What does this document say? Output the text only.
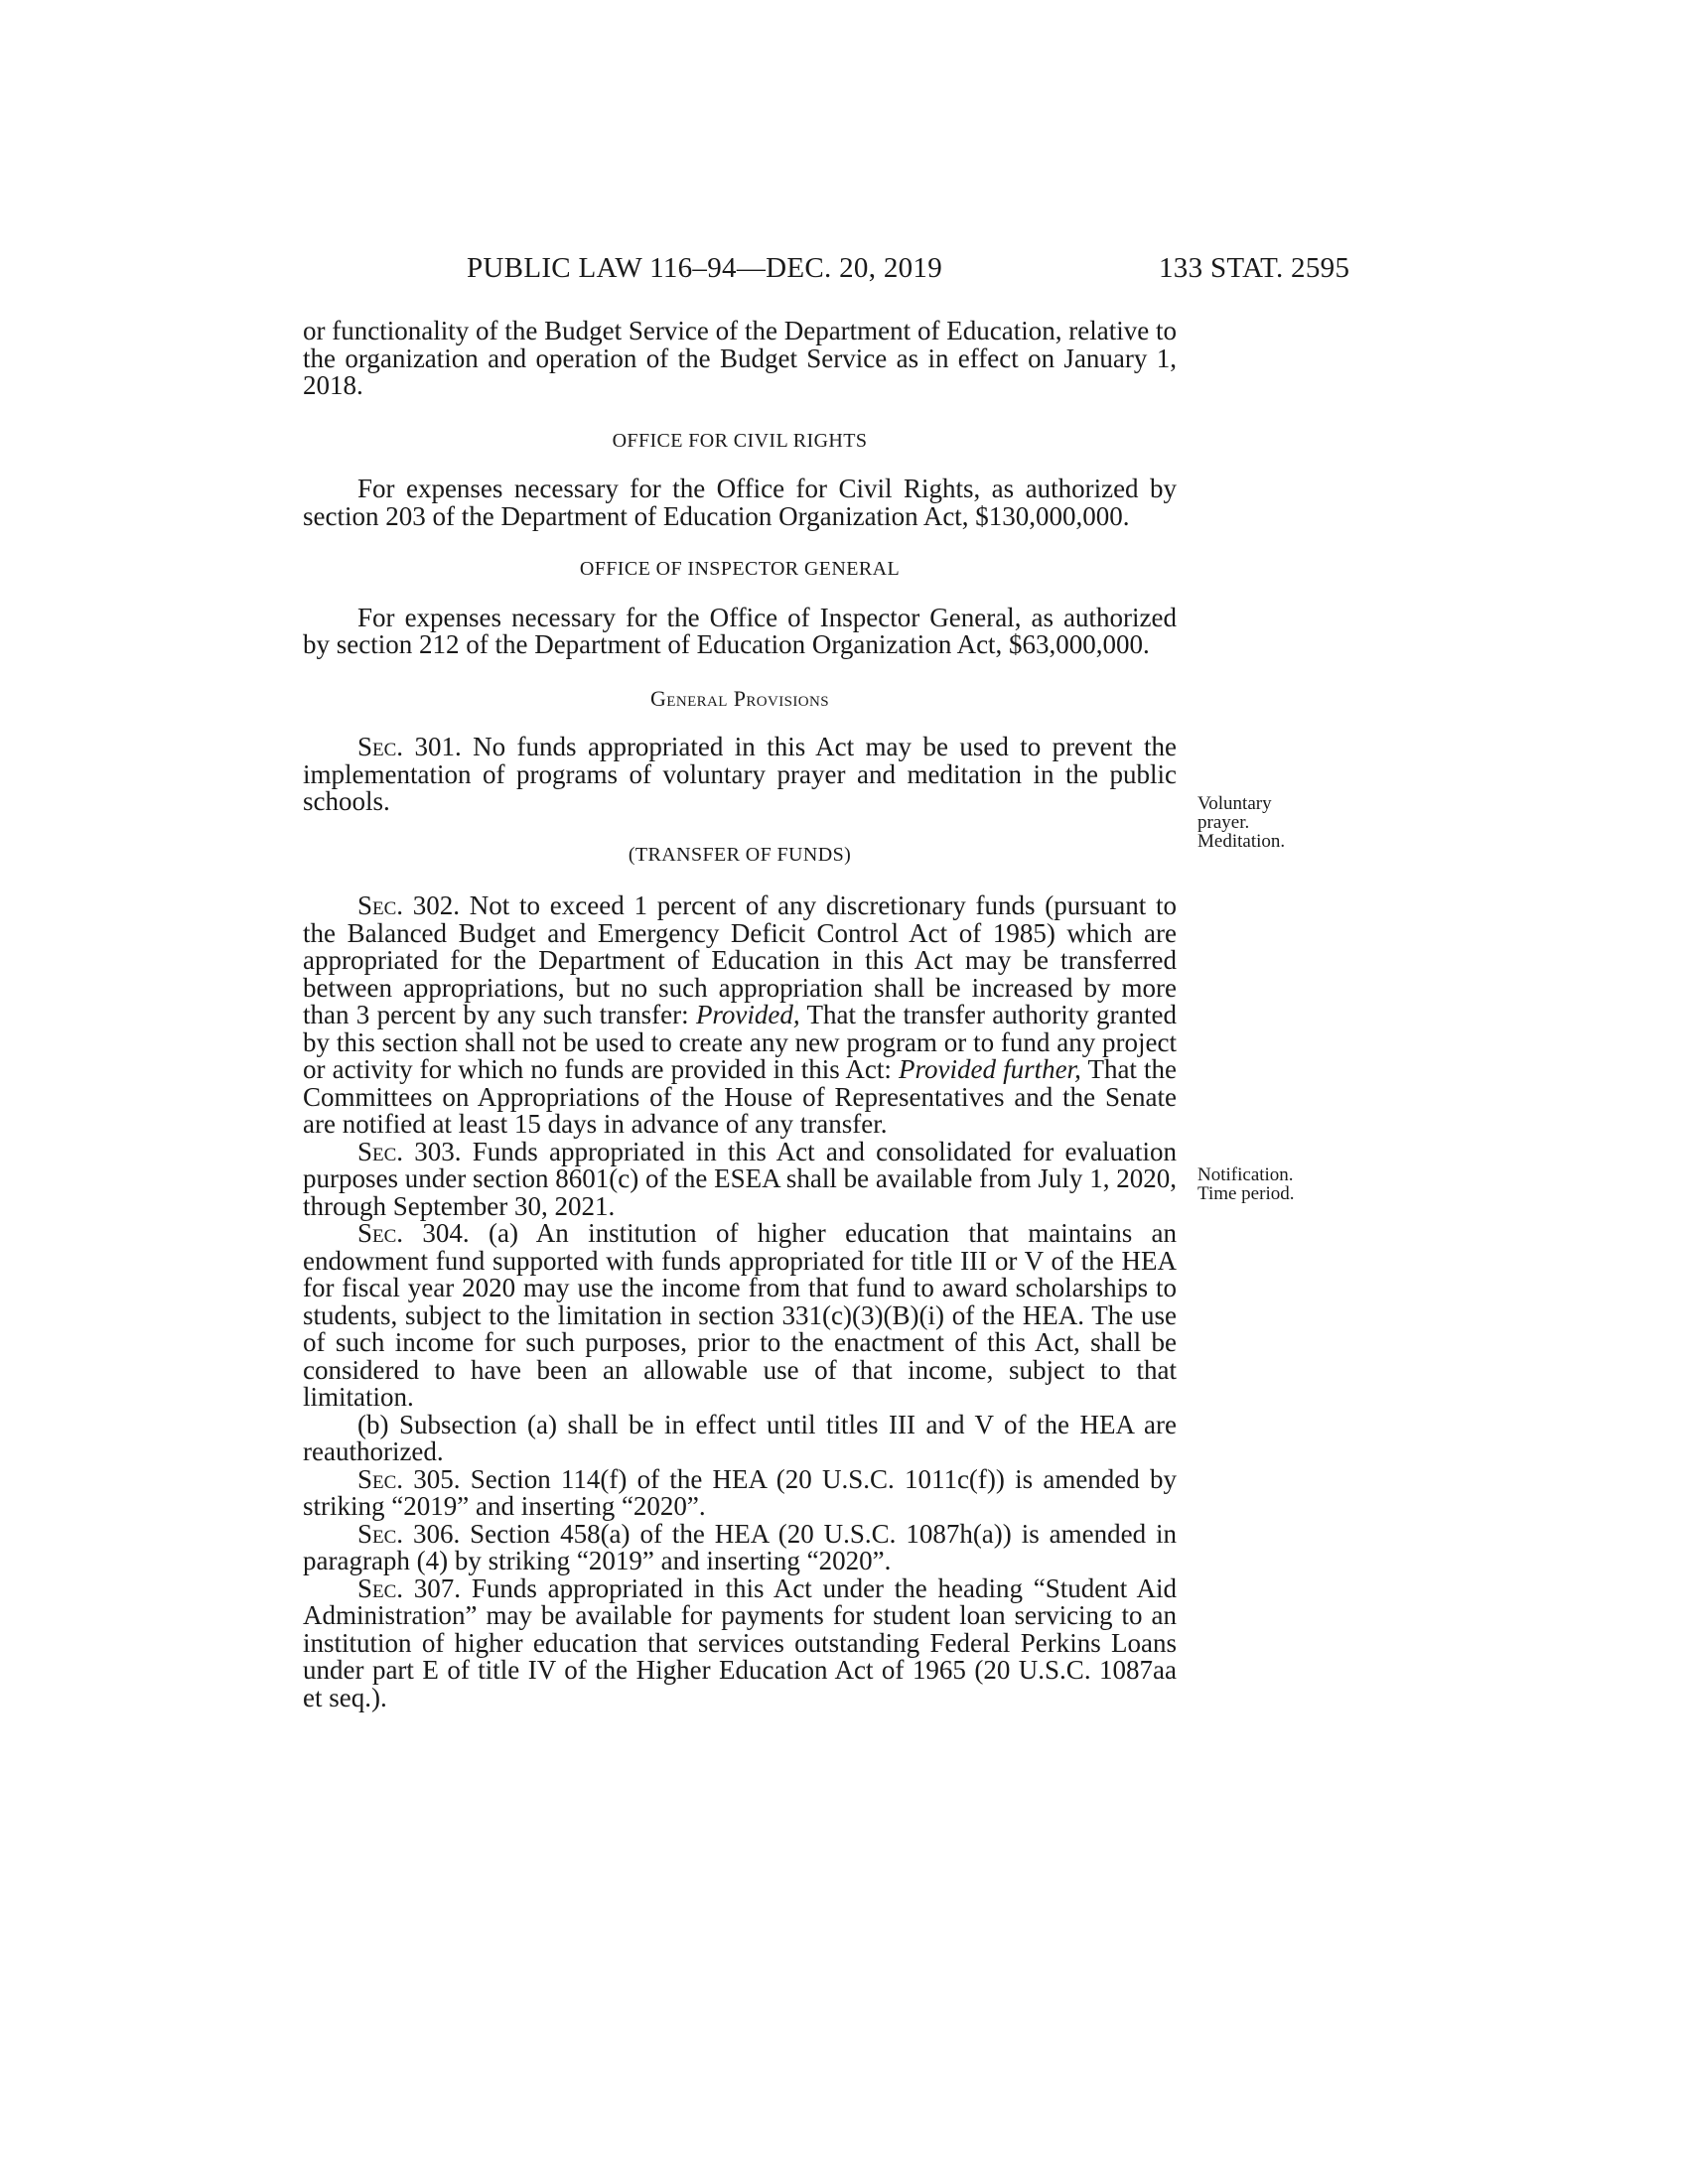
PUBLIC LAW 116–94—DEC. 20, 2019	133 STAT. 2595

or functionality of the Budget Service of the Department of Education, relative to the organization and operation of the Budget Service as in effect on January 1, 2018.

OFFICE FOR CIVIL RIGHTS

For expenses necessary for the Office for Civil Rights, as authorized by section 203 of the Department of Education Organization Act, $130,000,000.

OFFICE OF INSPECTOR GENERAL

For expenses necessary for the Office of Inspector General, as authorized by section 212 of the Department of Education Organization Act, $63,000,000.

General Provisions

Sec. 301. No funds appropriated in this Act may be used to prevent the implementation of programs of voluntary prayer and meditation in the public schools.

(TRANSFER OF FUNDS)

Sec. 302. Not to exceed 1 percent of any discretionary funds (pursuant to the Balanced Budget and Emergency Deficit Control Act of 1985) which are appropriated for the Department of Education in this Act may be transferred between appropriations, but no such appropriation shall be increased by more than 3 percent by any such transfer: Provided, That the transfer authority granted by this section shall not be used to create any new program or to fund any project or activity for which no funds are provided in this Act: Provided further, That the Committees on Appropriations of the House of Representatives and the Senate are notified at least 15 days in advance of any transfer.

Sec. 303. Funds appropriated in this Act and consolidated for evaluation purposes under section 8601(c) of the ESEA shall be available from July 1, 2020, through September 30, 2021.

Sec. 304. (a) An institution of higher education that maintains an endowment fund supported with funds appropriated for title III or V of the HEA for fiscal year 2020 may use the income from that fund to award scholarships to students, subject to the limitation in section 331(c)(3)(B)(i) of the HEA. The use of such income for such purposes, prior to the enactment of this Act, shall be considered to have been an allowable use of that income, subject to that limitation.

(b) Subsection (a) shall be in effect until titles III and V of the HEA are reauthorized.

Sec. 305. Section 114(f) of the HEA (20 U.S.C. 1011c(f)) is amended by striking “2019” and inserting “2020”.

Sec. 306. Section 458(a) of the HEA (20 U.S.C. 1087h(a)) is amended in paragraph (4) by striking “2019” and inserting “2020”.

Sec. 307. Funds appropriated in this Act under the heading “Student Aid Administration” may be available for payments for student loan servicing to an institution of higher education that services outstanding Federal Perkins Loans under part E of title IV of the Higher Education Act of 1965 (20 U.S.C. 1087aa et seq.).

Voluntary
prayer.
Meditation.
Notification.
Time period.
